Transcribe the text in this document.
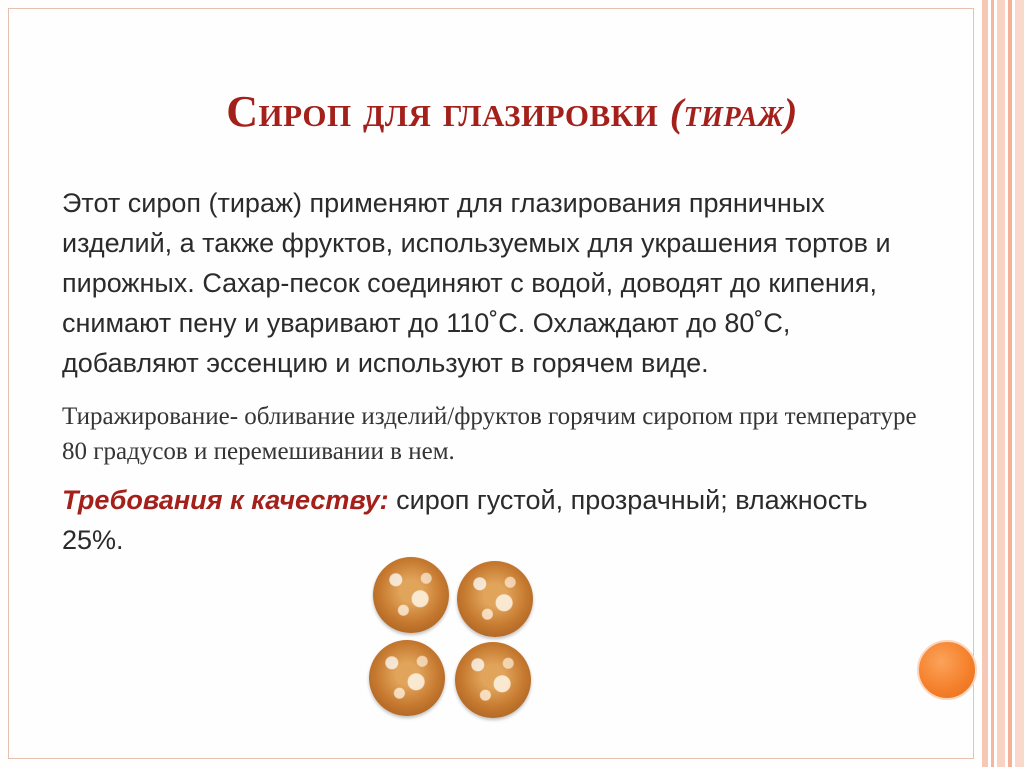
Сироп для глазировки (тираж)
Этот сироп (тираж) применяют для глазирования пряничных изделий, а также фруктов, используемых для украшения тортов и пирожных. Сахар-песок соединяют с водой, доводят до кипения, снимают пену и уваривают до 110˚С. Охлаждают до 80˚С, добавляют эссенцию и используют в горячем виде.
Тиражирование- обливание изделий/фруктов горячим сиропом при температуре 80 градусов и перемешивании в нем.
Требования к качеству: сироп густой, прозрачный; влажность 25%.
